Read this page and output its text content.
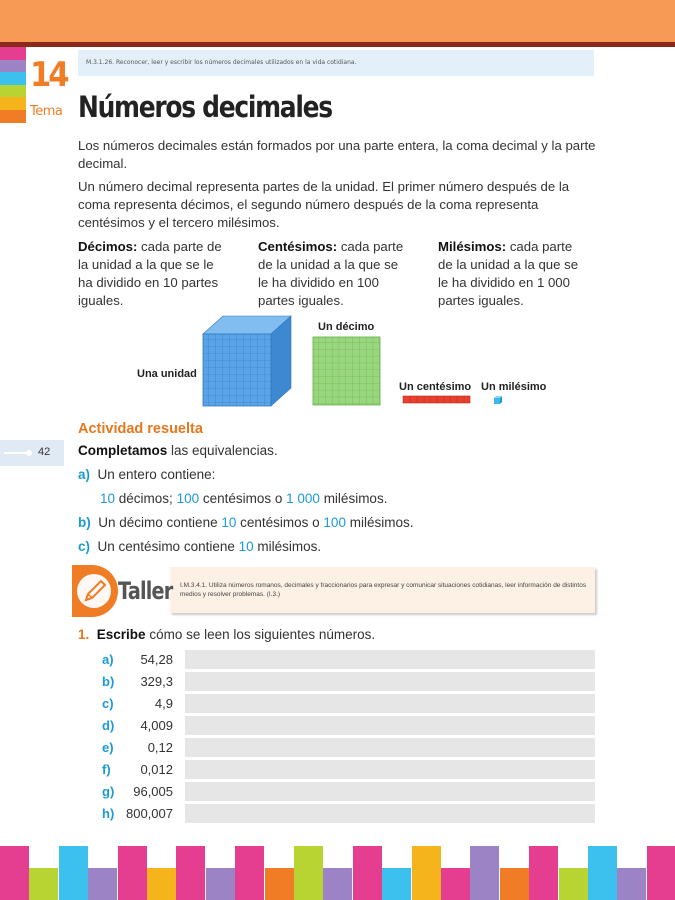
14
Tema
M.3.1.26. Reconocer, leer y escribir los números decimales utilizados en la vida cotidiana.
Números decimales
Los números decimales están formados por una parte entera, la coma decimal y la parte decimal.
Un número decimal representa partes de la unidad. El primer número después de la coma representa décimos, el segundo número después de la coma representa centésimos y el tercero milésimos.
Décimos: cada parte de la unidad a la que se le ha dividido en 10 partes iguales.
Centésimos: cada parte de la unidad a la que se le ha dividido en 100 partes iguales.
Milésimos: cada parte de la unidad a la que se le ha dividido en 1 000 partes iguales.
Una unidad
Un décimo
Un centésimo Un milésimo
Actividad resuelta
42 Completamos las equivalencias.
a) Un entero contiene:
10 décimos; 100 centésimos o 1 000 milésimos.
b) Un décimo contiene 10 centésimos o 100 milésimos.
c) Un centésimo contiene 10 milésimos.
Taller I.M.3.4.1. Utiliza números romanos, decimales y fraccionarios para expresar y comunicar situaciones cotidianas, leer información de distintos medios y resolver problemas. (I.3.)
1. Escribe cómo se leen los siguientes números.
a)	54,28
b)	329,3
c)	4,9
d)	4,009
e)	0,12
f)	0,012
g)	96,005
h) 800,007
